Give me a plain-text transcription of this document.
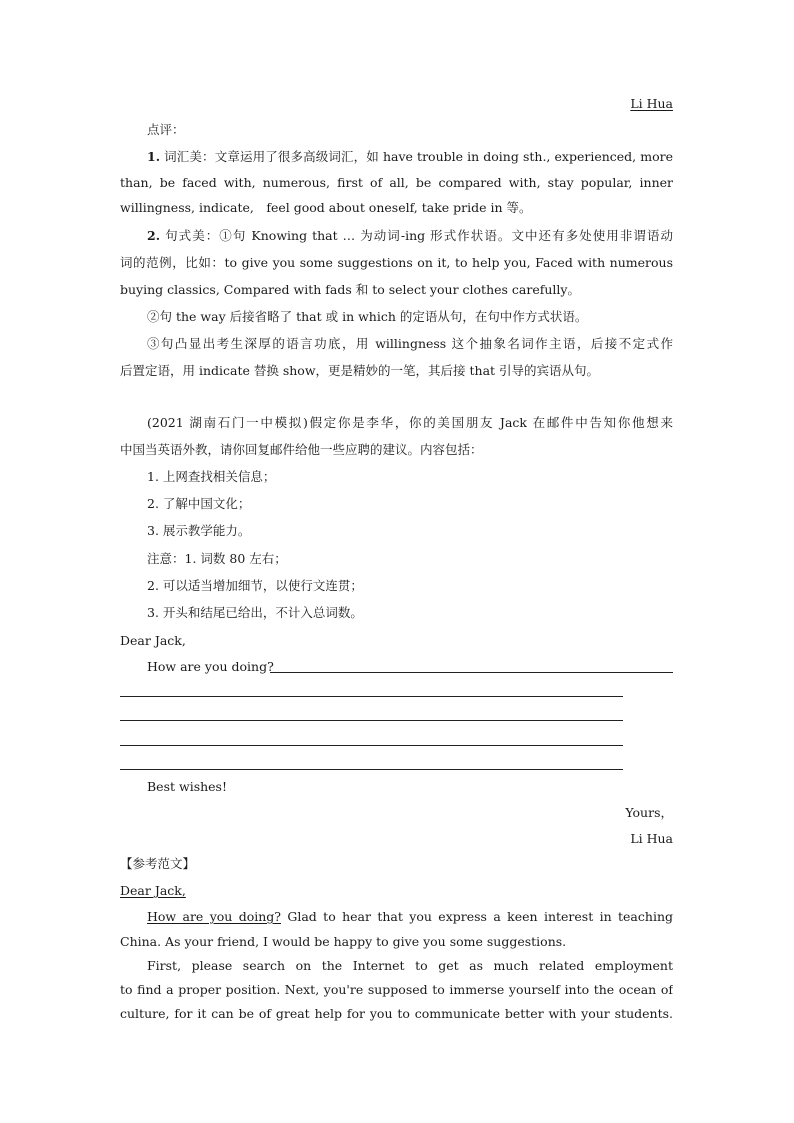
Li Hua
点评：
1. 词汇美：文章运用了很多高级词汇，如 have trouble in doing sth., experienced, more
than, be faced with, numerous, first of all, be compared with, stay popular, inner
willingness, indicate,　feel good about oneself, take pride in 等。
2. 句式美：①句 Knowing that … 为动词-ing 形式作状语。文中还有多处使用非谓语动
词的范例，比如：to give you some suggestions on it, to help you, Faced with numerous
buying classics, Compared with fads 和 to select your clothes carefully。
②句 the way 后接省略了 that 或 in which 的定语从句，在句中作方式状语。
③句凸显出考生深厚的语言功底，用 willingness 这个抽象名词作主语，后接不定式作
后置定语，用 indicate 替换 show，更是精妙的一笔，其后接 that 引导的宾语从句。
(2021 湖南石门一中模拟)假定你是李华，你的美国朋友 Jack 在邮件中告知你他想来
中国当英语外教，请你回复邮件给他一些应聘的建议。内容包括：
1. 上网查找相关信息；
2. 了解中国文化；
3. 展示教学能力。
注意：1. 词数 80 左右；
2. 可以适当增加细节，以使行文连贯；
3. 开头和结尾已给出，不计入总词数。
Dear Jack,
How are you doing?
Best wishes!
Yours，
Li Hua
【参考范文】
Dear Jack,
How are you doing? Glad to hear that you express a keen interest in teaching
China. As your friend, I would be happy to give you some suggestions.
First, please search on the Internet to get as much related employment
to find a proper position. Next, you're supposed to immerse yourself into the ocean of
culture, for it can be of great help for you to communicate better with your students.
